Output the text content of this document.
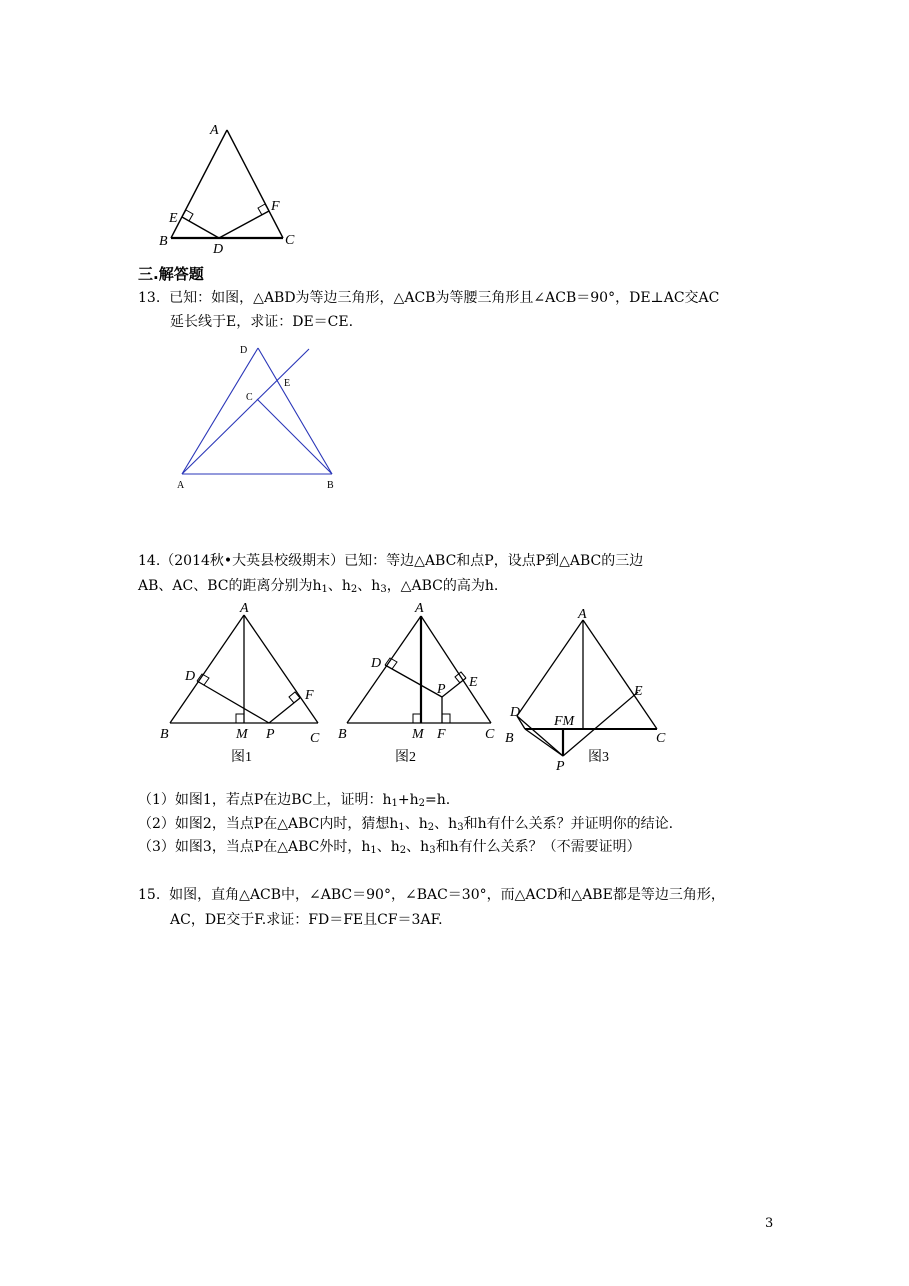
A
E
F
B
D
C
三.解答题
13. 已知：如图，△ABD为等边三角形，△ACB为等腰三角形且∠ACB＝90°，DE⊥AC交AC
延长线于E，求证：DE＝CE.
D
E
C
A	B
14.（2014秋•大英县校级期末）已知：等边△ABC和点P，设点P到△ABC的三边
AB、AC、BC的距离分别为$h_1$、$h_2$、$h_3$，△ABC的高为h.
A
D
F
B	M P	C
图1
A
D
E
P
B	M F	C
图2
A
E
D
FM
B	C
P
图3
（1）如图1，若点P在边BC上，证明：$h_1+h_2=h$.
（2）如图2，当点P在△ABC内时，猜想$h_1$、$h_2$、$h_3$和h有什么关系？并证明你的结论.
（3）如图3，当点P在△ABC外时，$h_1$、$h_2$、$h_3$和h有什么关系？（不需要证明）
15. 如图，直角△ACB中，∠ABC＝90°，∠BAC＝30°，而△ACD和△ABE都是等边三角形，
AC，DE交于F.求证：FD＝FE且CF＝3AF.
3
